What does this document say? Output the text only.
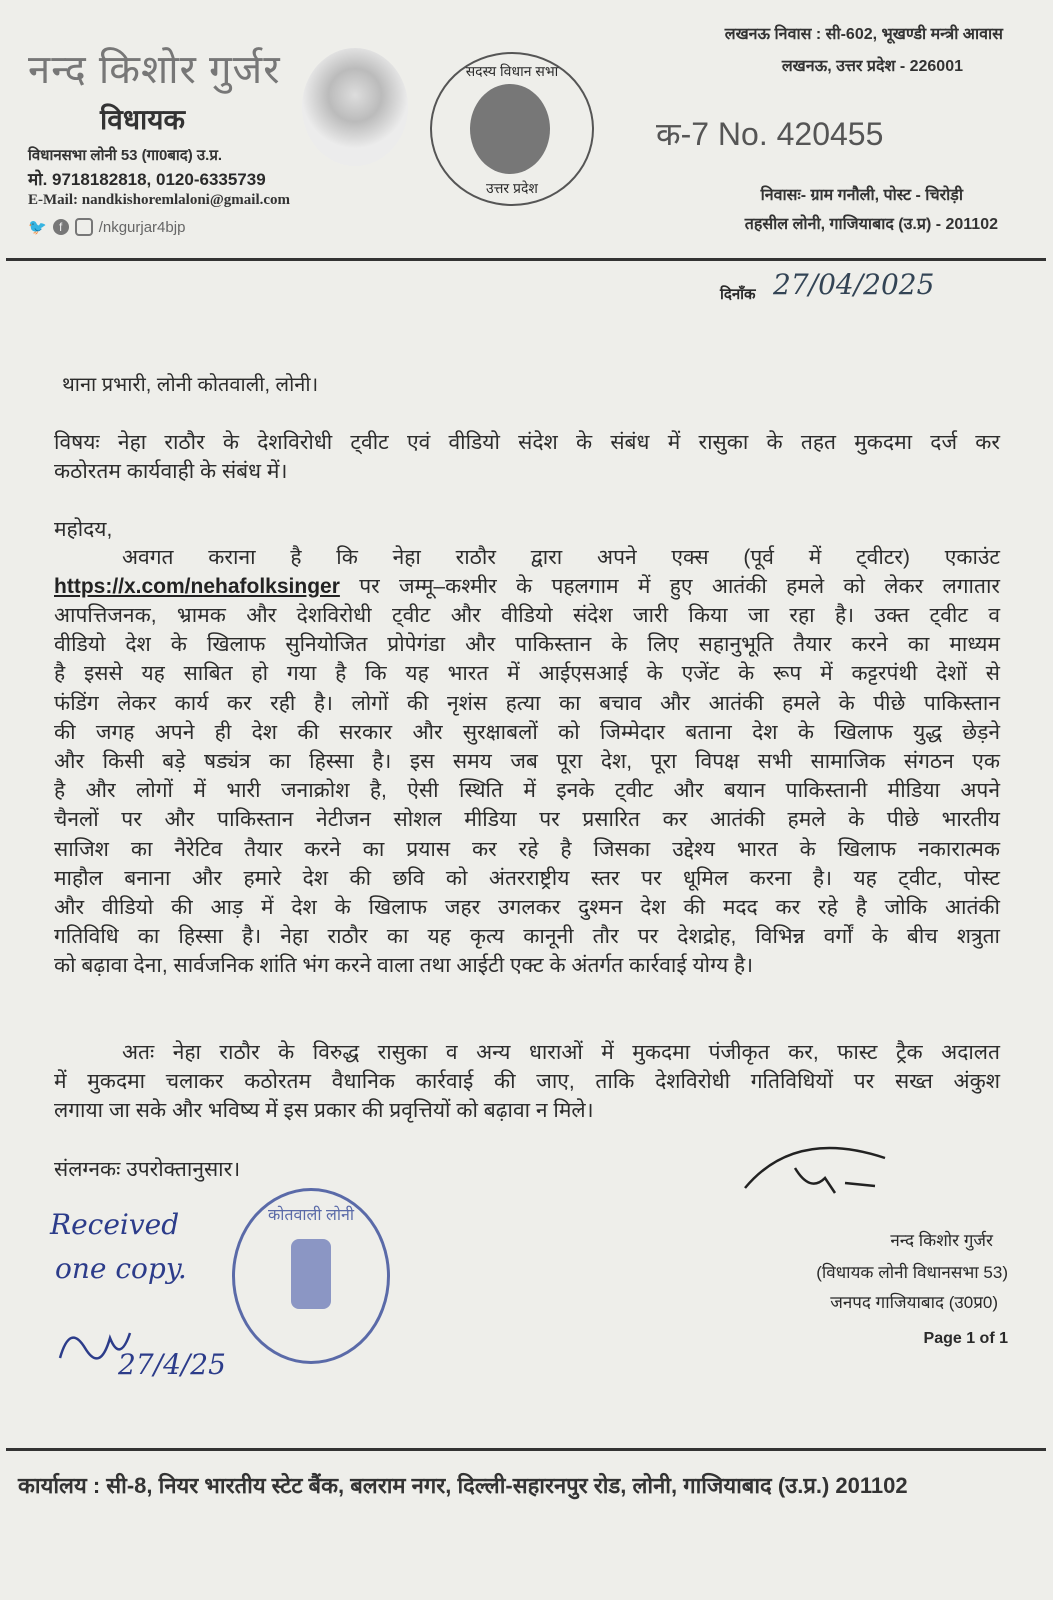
नन्द किशोर गुर्जर
विधायक
विधानसभा लोनी 53 (गा0बाद) उ.प्र.
मो. 9718182818, 0120-6335739
E-Mail: nandkishoremlaloni@gmail.com
🐦	f	/nkgurjar4bjp
सदस्य विधान सभा
उत्तर प्रदेश
लखनऊ निवास : सी-602, भूखण्डी मन्त्री आवास
लखनऊ, उत्तर प्रदेश - 226001
क-7 No. 420455
निवासः- ग्राम गनौली, पोस्ट - चिरोड़ी
तहसील लोनी, गाजियाबाद (उ.प्र) - 201102
दिनाँक 27/04/2025
थाना प्रभारी, लोनी कोतवाली, लोनी।
विषयः नेहा राठौर के देशविरोधी ट्वीट एवं वीडियो संदेश के संबंध में रासुका के तहत मुकदमा दर्ज कर
कठोरतम कार्यवाही के संबंध में।
महोदय,
अवगत कराना है कि नेहा राठौर द्वारा अपने एक्स (पूर्व में ट्वीटर) एकाउंट
https://x.com/nehafolksinger पर जम्मू–कश्मीर के पहलगाम में हुए आतंकी हमले को लेकर लगातार
आपत्तिजनक, भ्रामक और देशविरोधी ट्वीट और वीडियो संदेश जारी किया जा रहा है। उक्त ट्वीट व
वीडियो देश के खिलाफ सुनियोजित प्रोपेगंडा और पाकिस्तान के लिए सहानुभूति तैयार करने का माध्यम
है इससे यह साबित हो गया है कि यह भारत में आईएसआई के एजेंट के रूप में कट्टरपंथी देशों से
फंडिंग लेकर कार्य कर रही है। लोगों की नृशंस हत्या का बचाव और आतंकी हमले के पीछे पाकिस्तान
की जगह अपने ही देश की सरकार और सुरक्षाबलों को जिम्मेदार बताना देश के खिलाफ युद्ध छेड़ने
और किसी बड़े षड्यंत्र का हिस्सा है। इस समय जब पूरा देश, पूरा विपक्ष सभी सामाजिक संगठन एक
है और लोगों में भारी जनाक्रोश है, ऐसी स्थिति में इनके ट्वीट और बयान पाकिस्तानी मीडिया अपने
चैनलों पर और पाकिस्तान नेटीजन सोशल मीडिया पर प्रसारित कर आतंकी हमले के पीछे भारतीय
साजिश का नैरेटिव तैयार करने का प्रयास कर रहे है जिसका उद्देश्य भारत के खिलाफ नकारात्मक
माहौल बनाना और हमारे देश की छवि को अंतरराष्ट्रीय स्तर पर धूमिल करना है। यह ट्वीट, पोस्ट
और वीडियो की आड़ में देश के खिलाफ जहर उगलकर दुश्मन देश की मदद कर रहे है जोकि आतंकी
गतिविधि का हिस्सा है। नेहा राठौर का यह कृत्य कानूनी तौर पर देशद्रोह, विभिन्न वर्गों के बीच शत्रुता
को बढ़ावा देना, सार्वजनिक शांति भंग करने वाला तथा आईटी एक्ट के अंतर्गत कार्रवाई योग्य है।
अतः नेहा राठौर के विरुद्ध रासुका व अन्य धाराओं में मुकदमा पंजीकृत कर, फास्ट ट्रैक अदालत
में मुकदमा चलाकर कठोरतम वैधानिक कार्रवाई की जाए, ताकि देशविरोधी गतिविधियों पर सख्त अंकुश
लगाया जा सके और भविष्य में इस प्रकार की प्रवृत्तियों को बढ़ावा न मिले।
संलग्नकः उपरोक्तानुसार।
Received
one copy.
27/4/25
कोतवाली लोनी
नन्द किशोर गुर्जर
(विधायक लोनी विधानसभा 53)
जनपद गाजियाबाद (उ0प्र0)
Page 1 of 1
कार्यालय : सी-8, नियर भारतीय स्टेट बैंक, बलराम नगर, दिल्ली-सहारनपुर रोड, लोनी, गाजियाबाद (उ.प्र.) 201102
